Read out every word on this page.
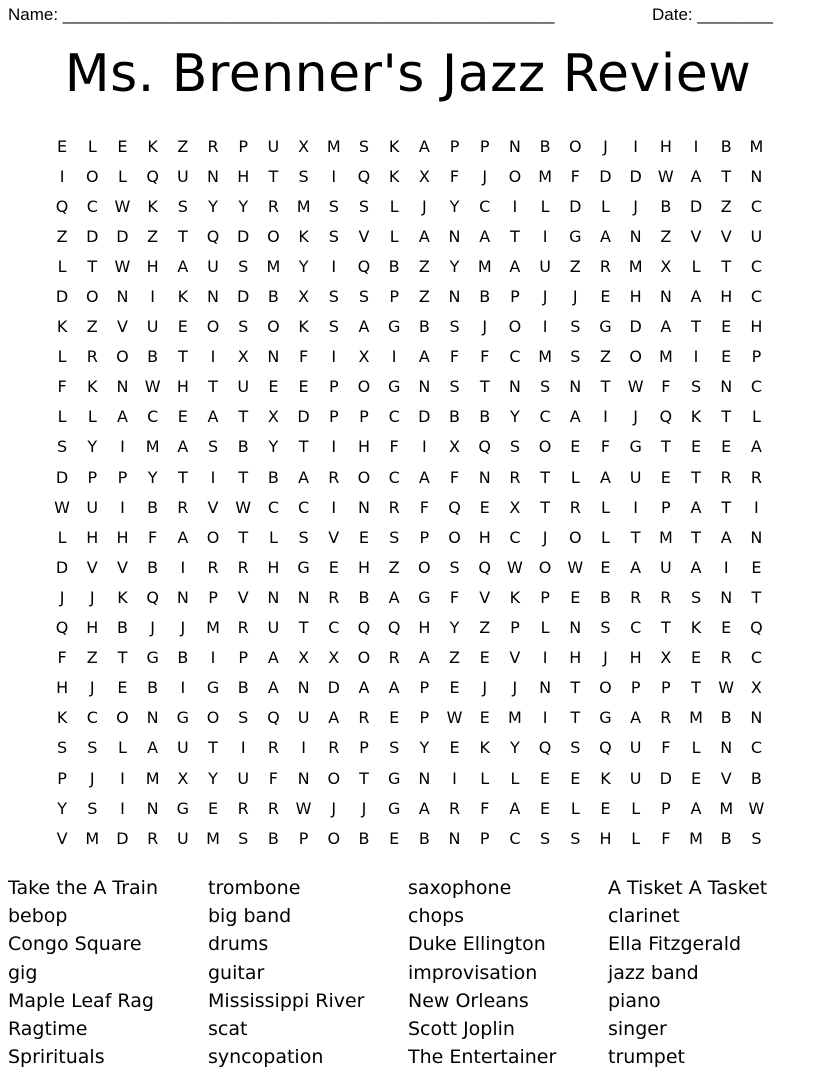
Name: ____________________________________________________	Date: ________
Ms. Brenner's Jazz Review
E	L	E	K	Z	R	P	U	X	M	S	K	A	P	P	N	B	O	J	I	H	I	B	M
I	O	L	Q	U	N	H	T	S	I	Q	K	X	F	J	O	M	F	D	D	W	A	T	N
Q	C	W	K	S	Y	Y	R	M	S	S	L	J	Y	C	I	L	D	L	J	B	D	Z	C
Z	D	D	Z	T	Q	D	O	K	S	V	L	A	N	A	T	I	G	A	N	Z	V	V	U
L	T	W	H	A	U	S	M	Y	I	Q	B	Z	Y	M	A	U	Z	R	M	X	L	T	C
D	O	N	I	K	N	D	B	X	S	S	P	Z	N	B	P	J	J	E	H	N	A	H	C
K	Z	V	U	E	O	S	O	K	S	A	G	B	S	J	O	I	S	G	D	A	T	E	H
L	R	O	B	T	I	X	N	F	I	X	I	A	F	F	C	M	S	Z	O	M	I	E	P
F	K	N	W	H	T	U	E	E	P	O	G	N	S	T	N	S	N	T	W	F	S	N	C
L	L	A	C	E	A	T	X	D	P	P	C	D	B	B	Y	C	A	I	J	Q	K	T	L
S	Y	I	M	A	S	B	Y	T	I	H	F	I	X	Q	S	O	E	F	G	T	E	E	A
D	P	P	Y	T	I	T	B	A	R	O	C	A	F	N	R	T	L	A	U	E	T	R	R
W	U	I	B	R	V	W	C	C	I	N	R	F	Q	E	X	T	R	L	I	P	A	T	I
L	H	H	F	A	O	T	L	S	V	E	S	P	O	H	C	J	O	L	T	M	T	A	N
D	V	V	B	I	R	R	H	G	E	H	Z	O	S	Q W O W	E	A	U	A	I	E
J	J	K	Q	N	P	V	N	N	R	B	A	G	F	V	K	P	E	B	R	R	S	N	T
Q	H	B	J	J	M	R	U	T	C	Q	Q	H	Y	Z	P	L	N	S	C	T	K	E	Q
F	Z	T	G	B	I	P	A	X	X	O	R	A	Z	E	V	I	H	J	H	X	E	R	C
H	J	E	B	I	G	B	A	N	D	A	A	P	E	J	J	N	T	O	P	P	T	W	X
K	C	O	N	G	O	S	Q	U	A	R	E	P	W	E	M	I	T	G	A	R	M	B	N
S	S	L	A	U	T	I	R	I	R	P	S	Y	E	K	Y	Q	S	Q	U	F	L	N	C
P	J	I	M	X	Y	U	F	N	O	T	G	N	I	L	L	E	E	K	U	D	E	V	B
Y	S	I	N	G	E	R	R	W	J	J	G	A	R	F	A	E	L	E	L	P	A	M W
V	M	D	R	U	M	S	B	P	O	B	E	B	N	P	C	S	S	H	L	F	M	B	S
Take the A Train	trombone	saxophone	A Tisket A Tasket
bebop	big band	chops	clarinet
Congo Square	drums	Duke Ellington	Ella Fitzgerald
gig	guitar	improvisation	jazz band
Maple Leaf Rag	Mississippi River	New Orleans	piano
Ragtime	scat	Scott Joplin	singer
Sprirituals	syncopation	The Entertainer	trumpet
